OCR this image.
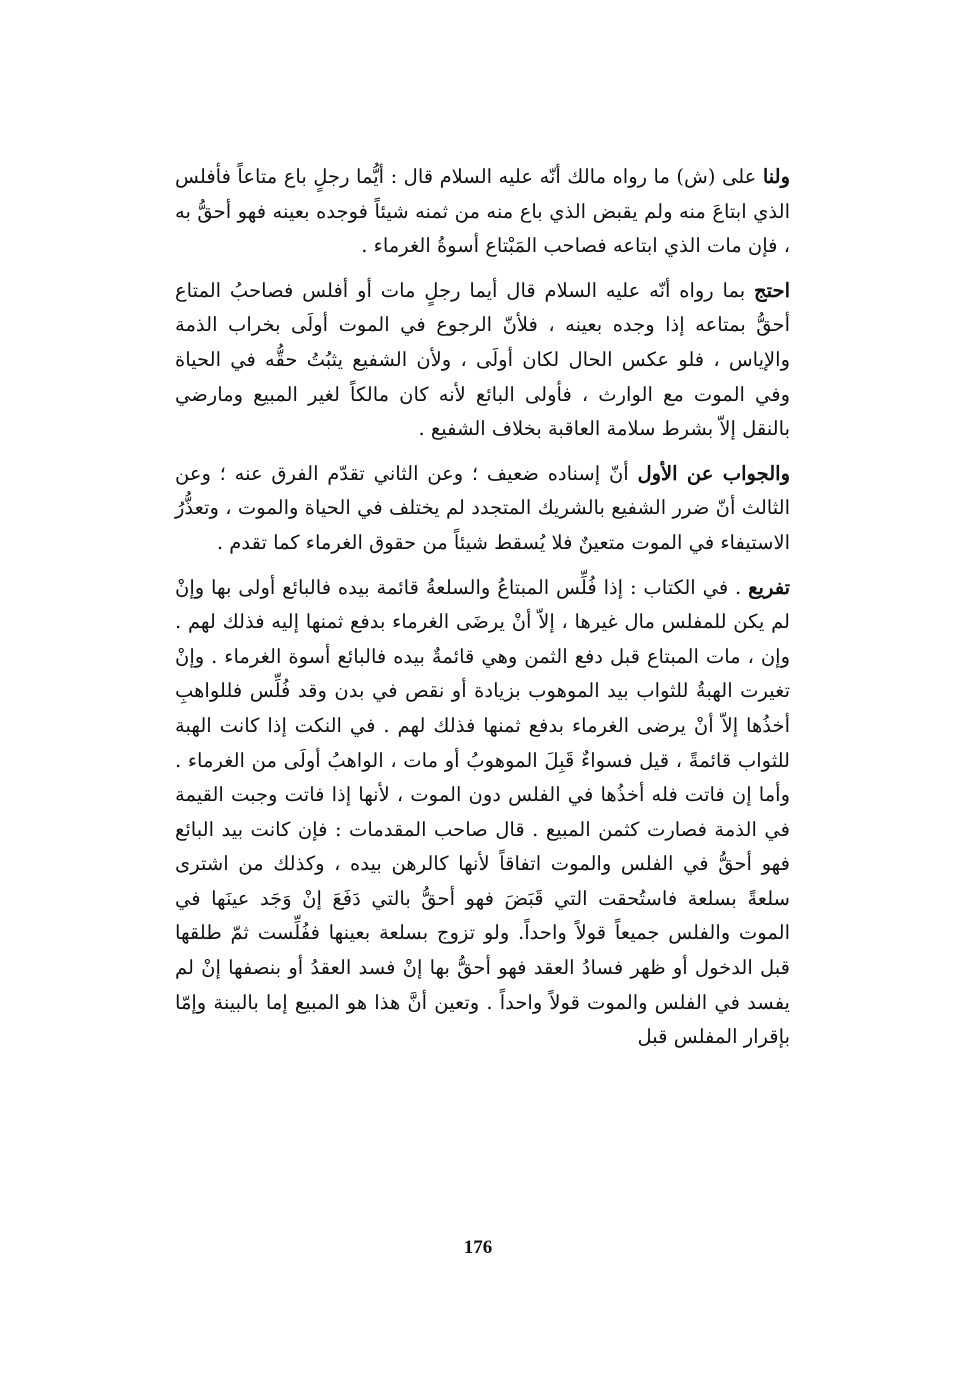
ولنا على (ش) ما رواه مالك أنّه عليه السلام قال : أيُّما رجلٍ باع متاعاً فأفلس الذي ابتاعَ منه ولم يقبض الذي باع منه من ثمنه شيئاً فوجده بعينه فهو أحقُّ به ، فإن مات الذي ابتاعه فصاحب المَبْتاع أسوةُ الغرماء .

احتج بما رواه أنّه عليه السلام قال أيما رجلٍ مات أو أفلس فصاحبُ المتاع أحقُّ بمتاعه إذا وجده بعينه ، فلأنّ الرجوع في الموت أولَى بخراب الذمة والإياس ، فلو عكس الحال لكان أولَى ، ولأن الشفيع يثبُتُ حقُّه في الحياة وفي الموت مع الوارث ، فأولى البائع لأنه كان مالكاً لغير المبيع ومارضي بالنقل إلاّ بشرط سلامة العاقبة بخلاف الشفيع .

والجواب عن الأول أنّ إسناده ضعيف ؛ وعن الثاني تقدّم الفرق عنه ؛ وعن الثالث أنّ ضرر الشفيع بالشريك المتجدد لم يختلف في الحياة والموت ، وتعذُّرُ الاستيفاء في الموت متعينٌ فلا يُسقط شيئاً من حقوق الغرماء كما تقدم .

تفريع . في الكتاب : إذا فُلِّس المبتاعُ والسلعةُ قائمة بيده فالبائع أولى بها وإنْ لم يكن للمفلس مال غيرها ، إلاّ أنْ يرضَى الغرماء بدفع ثمنها إليه فذلك لهم . وإن ، مات المبتاع قبل دفع الثمن وهي قائمةٌ بيده فالبائع أسوة الغرماء . وإنْ تغيرت الهبةُ للثواب بيد الموهوب بزيادة أو نقص في بدن وقد فُلِّس فللواهبِ أخذُها إلاّ أنْ يرضى الغرماء بدفع ثمنها فذلك لهم . في النكت إذا كانت الهبة للثواب قائمةً ، قيل فسواءٌ قَبِلَ الموهوبُ أو مات ، الواهبُ أولَى من الغرماء . وأما إن فاتت فله أخذُها في الفلس دون الموت ، لأنها إذا فاتت وجبت القيمة في الذمة فصارت كثمن المبيع . قال صاحب المقدمات : فإن كانت بيد البائع فهو أحقُّ في الفلس والموت اتفاقاً لأنها كالرهن بيده ، وكذلك من اشترى سلعةً بسلعة فاستُحقت التي قَبَضَ فهو أحقُّ بالتي دَفَعَ إنْ وَجَد عينَها في الموت والفلس جميعاً قولاً واحداً. ولو تزوج بسلعة بعينها ففُلِّست ثمّ طلقها قبل الدخول أو ظهر فسادُ العقد فهو أحقُّ بها إنْ فسد العقدُ أو بنصفها إنْ لم يفسد في الفلس والموت قولاً واحداً . وتعين أنَّ هذا هو المبيع إما بالبينة وإمّا بإقرار المفلس قبل

176
